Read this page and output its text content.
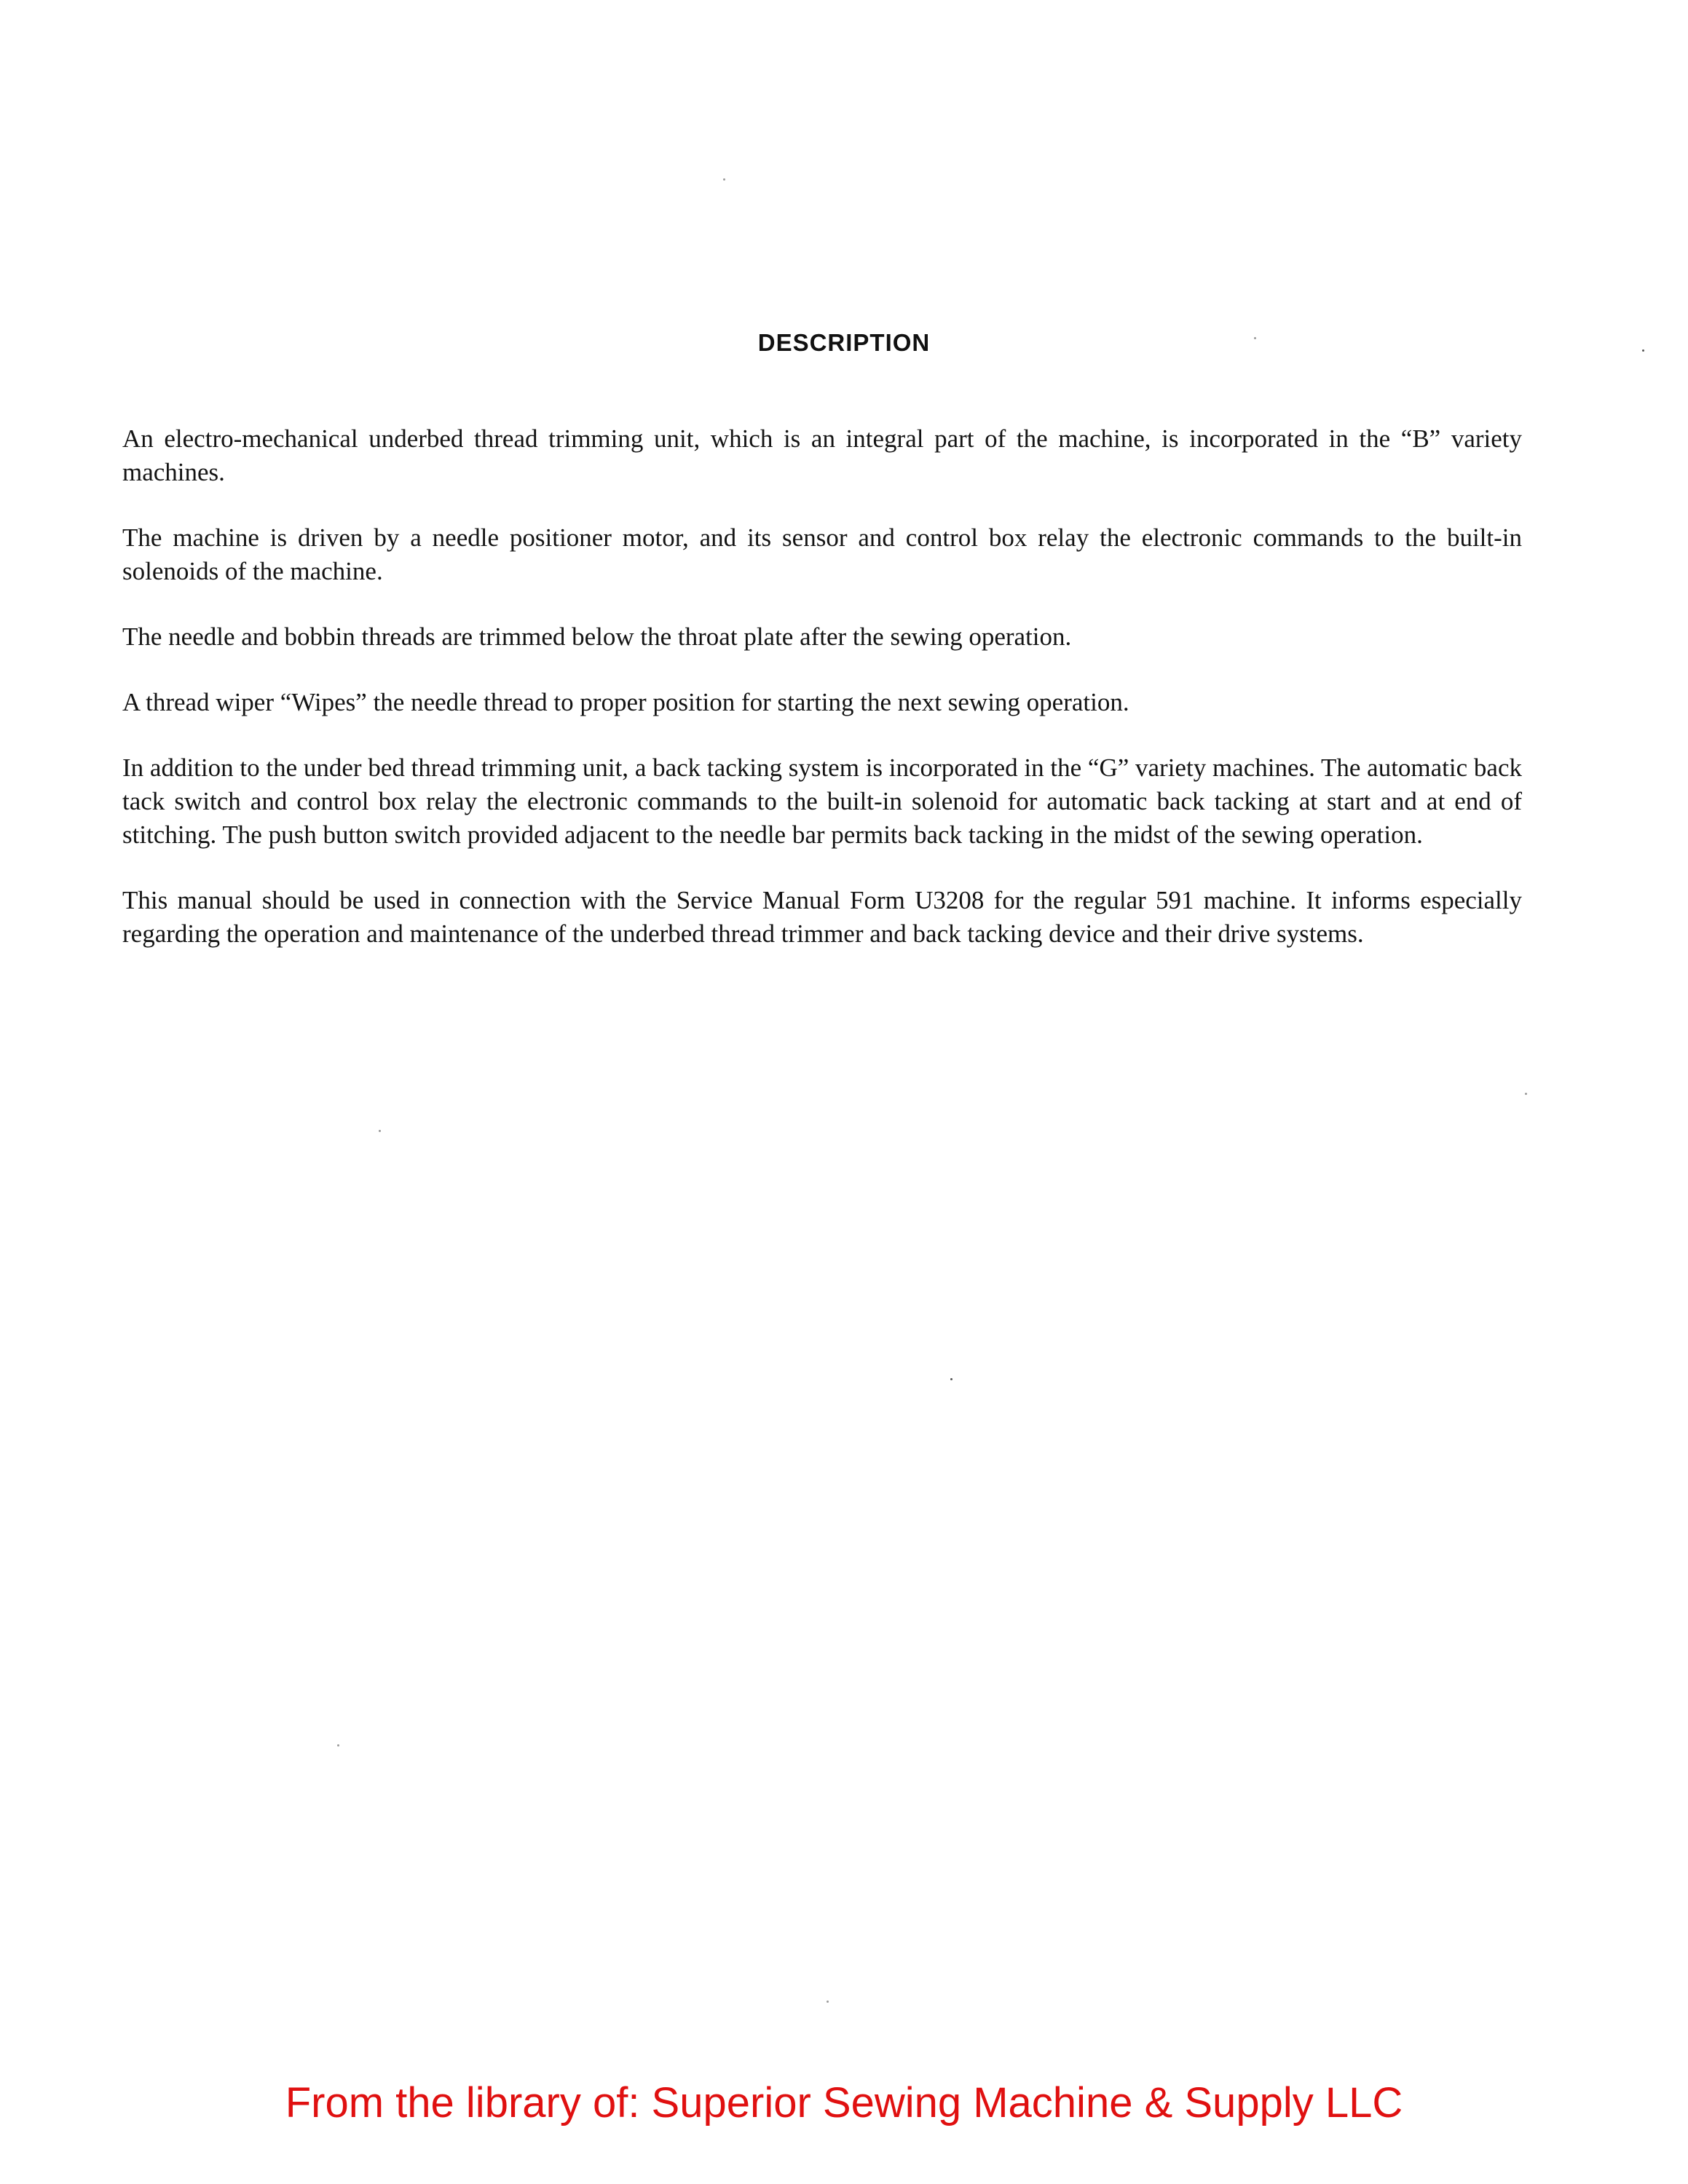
DESCRIPTION

An electro-mechanical underbed thread trimming unit, which is an integral part of the machine, is incorporated in the “B” variety machines.

The machine is driven by a needle positioner motor, and its sensor and control box relay the electronic commands to the built-in solenoids of the machine.

The needle and bobbin threads are trimmed below the throat plate after the sewing operation.

A thread wiper “Wipes” the needle thread to proper position for starting the next sewing operation.

In addition to the under bed thread trimming unit, a back tacking system is incorporated in the “G” variety machines. The automatic back tack switch and control box relay the electronic commands to the built-in solenoid for automatic back tacking at start and at end of stitching. The push button switch provided adjacent to the needle bar permits back tacking in the midst of the sewing operation.

This manual should be used in connection with the Service Manual Form U3208 for the regular 591 machine. It informs especially regarding the operation and maintenance of the underbed thread trimmer and back tacking device and their drive systems.

From the library of: Superior Sewing Machine & Supply LLC
